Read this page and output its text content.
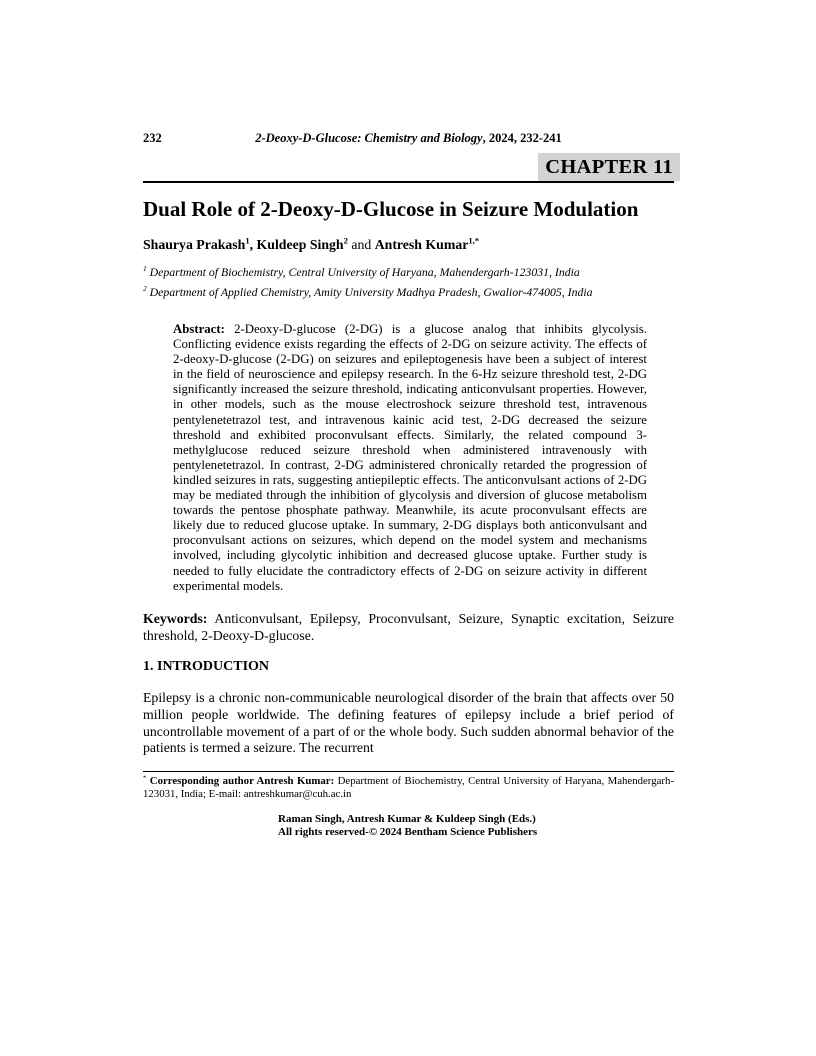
232	2-Deoxy-D-Glucose: Chemistry and Biology, 2024, 232-241
CHAPTER 11
Dual Role of 2-Deoxy-D-Glucose in Seizure Modulation
Shaurya Prakash$^1$, Kuldeep Singh$^2$ and Antresh Kumar$^{1,*}$
$^1$ Department of Biochemistry, Central University of Haryana, Mahendergarh-123031, India
$^2$ Department of Applied Chemistry, Amity University Madhya Pradesh, Gwalior-474005, India

Abstract: 2-Deoxy-D-glucose (2-DG) is a glucose analog that inhibits glycolysis. Conflicting evidence exists regarding the effects of 2-DG on seizure activity. The effects of 2-deoxy-D-glucose (2-DG) on seizures and epileptogenesis have been a subject of interest in the field of neuroscience and epilepsy research. In the 6-Hz seizure threshold test, 2-DG significantly increased the seizure threshold, indicating anticonvulsant properties. However, in other models, such as the mouse electroshock seizure threshold test, intravenous pentylenetetrazol test, and intravenous kainic acid test, 2-DG decreased the seizure threshold and exhibited proconvulsant effects. Similarly, the related compound 3-methylglucose reduced seizure threshold when administered intravenously with pentylenetetrazol. In contrast, 2-DG administered chronically retarded the progression of kindled seizures in rats, suggesting antiepileptic effects. The anticonvulsant actions of 2-DG may be mediated through the inhibition of glycolysis and diversion of glucose metabolism towards the pentose phosphate pathway. Meanwhile, its acute proconvulsant effects are likely due to reduced glucose uptake. In summary, 2-DG displays both anticonvulsant and proconvulsant actions on seizures, which depend on the model system and mechanisms involved, including glycolytic inhibition and decreased glucose uptake. Further study is needed to fully elucidate the contradictory effects of 2-DG on seizure activity in different experimental models.

Keywords: Anticonvulsant, Epilepsy, Proconvulsant, Seizure, Synaptic excitation, Seizure threshold, 2-Deoxy-D-glucose.

1. INTRODUCTION

Epilepsy is a chronic non-communicable neurological disorder of the brain that affects over 50 million people worldwide. The defining features of epilepsy include a brief period of uncontrollable movement of a part of or the whole body. Such sudden abnormal behavior of the patients is termed a seizure. The recurrent

* Corresponding author Antresh Kumar: Department of Biochemistry, Central University of Haryana, Mahendergarh-123031, India; E-mail: antreshkumar@cuh.ac.in

Raman Singh, Antresh Kumar & Kuldeep Singh (Eds.)
All rights reserved-© 2024 Bentham Science Publishers
